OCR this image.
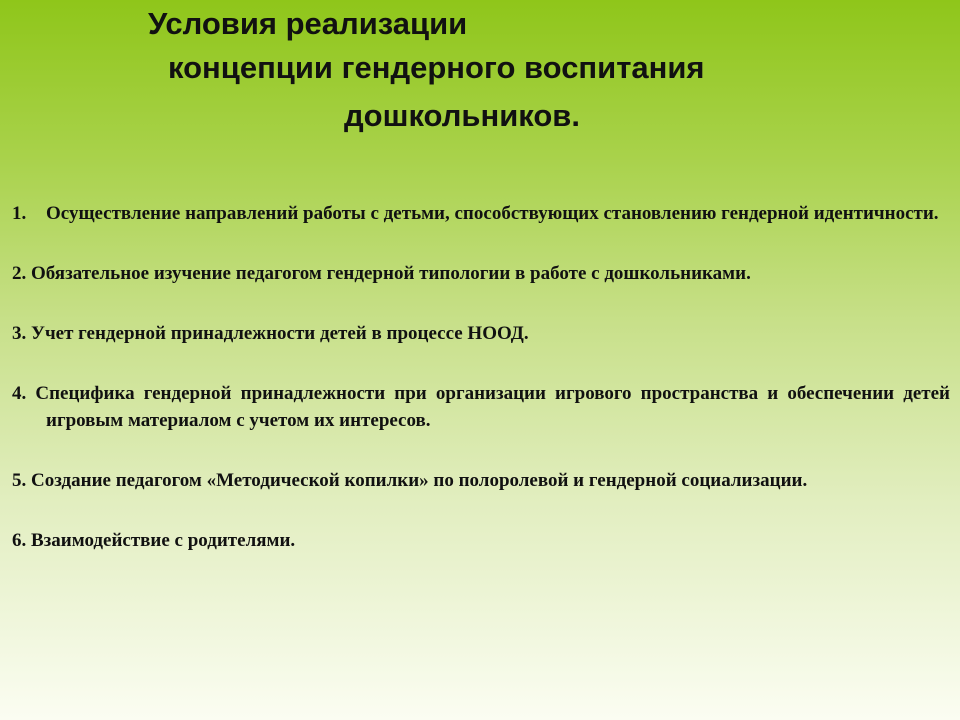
Условия реализации
концепции гендерного воспитания
дошкольников.
1. Осуществление направлений работы с детьми, способствующих становлению гендерной идентичности.
2. Обязательное изучение педагогом гендерной типологии в работе с дошкольниками.
3. Учет гендерной принадлежности детей в процессе НООД.
4. Специфика гендерной принадлежности при организации игрового пространства и обеспечении детей игровым материалом с учетом их интересов.
5. Создание педагогом «Методической копилки» по полоролевой и гендерной социализации.
6. Взаимодействие с родителями.
